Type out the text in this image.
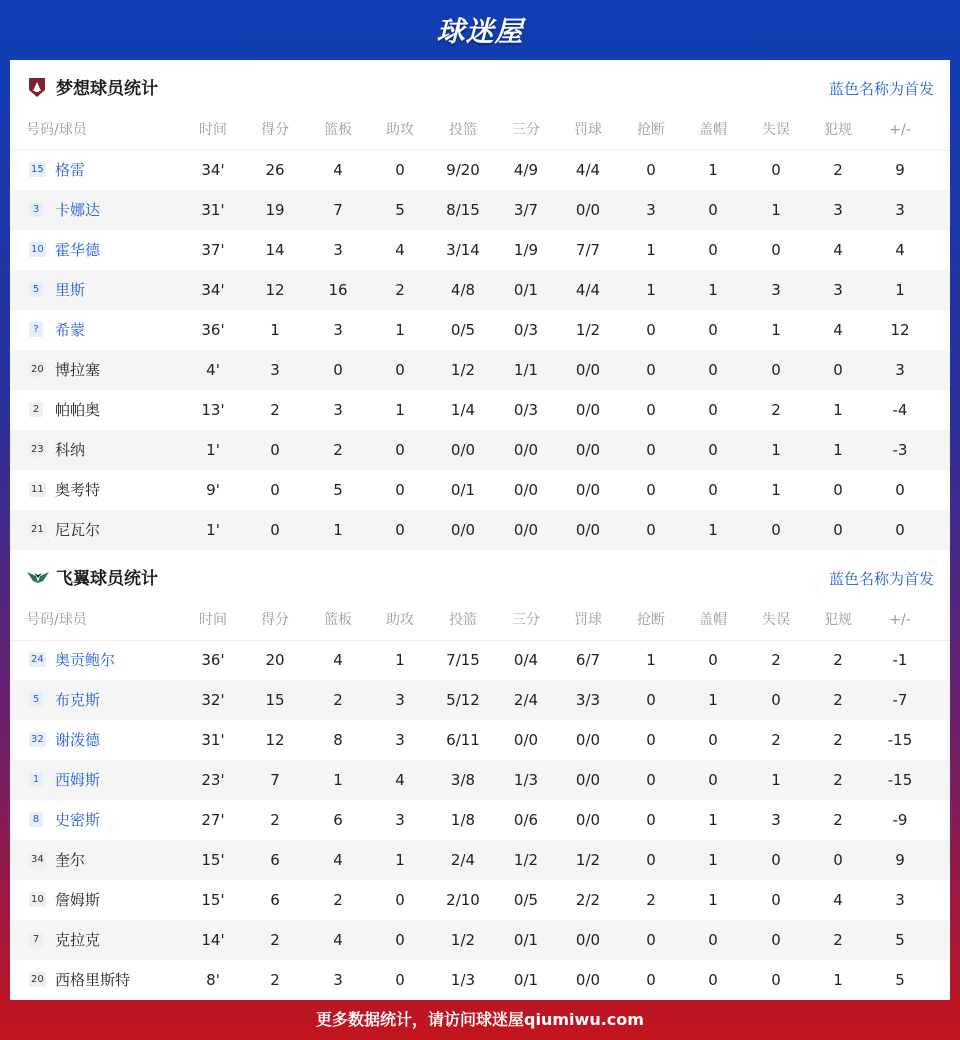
球迷屋
梦想球员统计	蓝色名称为首发
号码/球员	时间	得分	篮板	助攻	投篮	三分	罚球	抢断	盖帽	失误	犯规	+/-
15 格雷	34'	26	4	0	9/20	4/9	4/4	0	1	0	2	9
3 卡娜达	31'	19	7	5	8/15	3/7	0/0	3	0	1	3	3
10 霍华德	37'	14	3	4	3/14	1/9	7/7	1	0	0	4	4
5 里斯	34'	12	16	2	4/8	0/1	4/4	1	1	3	3	1
? 希蒙	36'	1	3	1	0/5	0/3	1/2	0	0	1	4	12
20 博拉塞	4'	3	0	0	1/2	1/1	0/0	0	0	0	0	3
2 帕帕奥	13'	2	3	1	1/4	0/3	0/0	0	0	2	1	-4
23 科纳	1'	0	2	0	0/0	0/0	0/0	0	0	1	1	-3
11 奥考特	9'	0	5	0	0/1	0/0	0/0	0	0	1	0	0
21 尼瓦尔	1'	0	1	0	0/0	0/0	0/0	0	1	0	0	0
飞翼球员统计	蓝色名称为首发
号码/球员	时间	得分	篮板	助攻	投篮	三分	罚球	抢断	盖帽	失误	犯规	+/-
24 奥贡鲍尔	36'	20	4	1	7/15	0/4	6/7	1	0	2	2	-1
5 布克斯	32'	15	2	3	5/12	2/4	3/3	0	1	0	2	-7
32 谢泼德	31'	12	8	3	6/11	0/0	0/0	0	0	2	2	-15
1 西姆斯	23'	7	1	4	3/8	1/3	0/0	0	0	1	2	-15
8 史密斯	27'	2	6	3	1/8	0/6	0/0	0	1	3	2	-9
34 奎尔	15'	6	4	1	2/4	1/2	1/2	0	1	0	0	9
10 詹姆斯	15'	6	2	0	2/10	0/5	2/2	2	1	0	4	3
7 克拉克	14'	2	4	0	1/2	0/1	0/0	0	0	0	2	5
20 西格里斯特	8'	2	3	0	1/3	0/1	0/0	0	0	0	1	5
更多数据统计，请访问球迷屋qiumiwu.com
